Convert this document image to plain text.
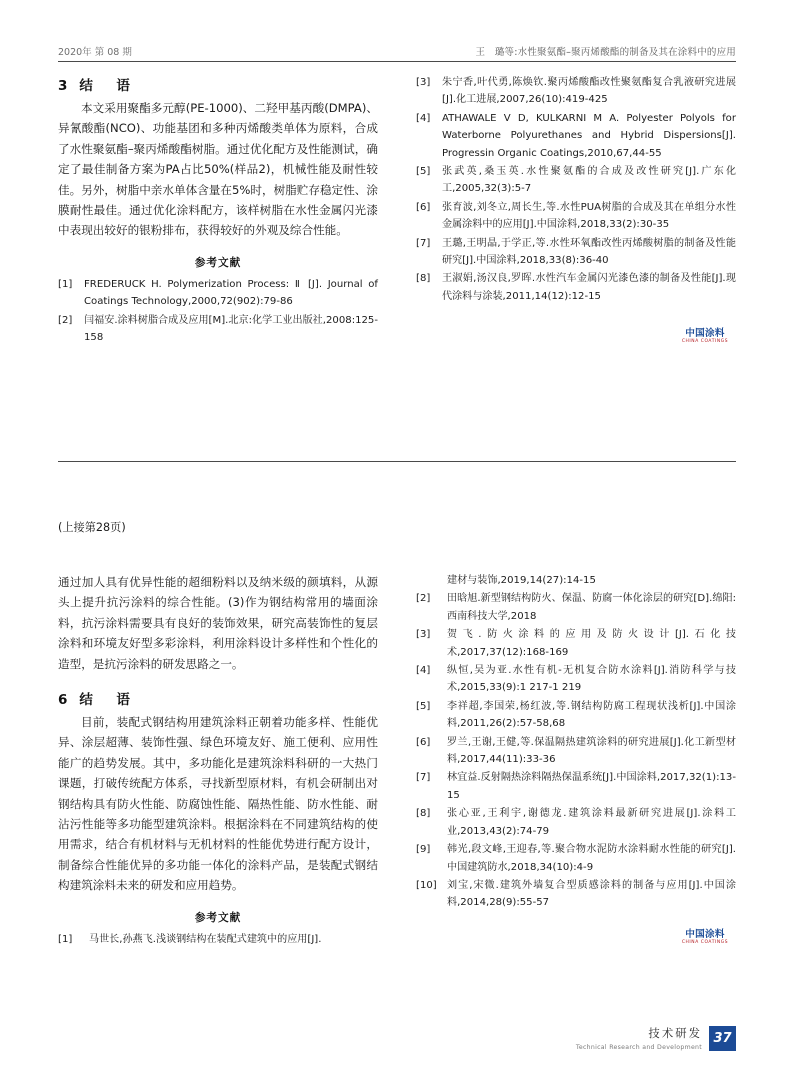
2020年 第 08 期	王　璐等:水性聚氨酯–聚丙烯酸酯的制备及其在涂料中的应用
3 结　语

本文采用聚酯多元醇(PE-1000)、二羟甲基丙酸(DMPA)、异氰酸酯(NCO)、功能基团和多种丙烯酸类单体为原料，合成了水性聚氨酯–聚丙烯酸酯树脂。通过优化配方及性能测试，确定了最佳制备方案为PA占比50%(样品2)，机械性能及耐性较佳。另外，树脂中亲水单体含量在5%时，树脂贮存稳定性、涂膜耐性最佳。通过优化涂料配方，该样树脂在水性金属闪光漆中表现出较好的银粉排布，获得较好的外观及综合性能。

参考文献
[1]	FREDERUCK H. Polymerization Process: Ⅱ [J]. Journal of Coatings Technology,2000,72(902):79-86
[2]	闫福安.涂料树脂合成及应用[M].北京:化学工业出版社,2008:125-158
[3]	朱宁香,叶代勇,陈焕钦.聚丙烯酸酯改性聚氨酯复合乳液研究进展[J].化工进展,2007,26(10):419-425
[4]	ATHAWALE V D, KULKARNI M A. Polyester Polyols for Waterborne Polyurethanes and Hybrid Dispersions[J]. Progressin Organic Coatings,2010,67,44-55
[5]	张武英,桑玉英.水性聚氨酯的合成及改性研究[J].广东化工,2005,32(3):5-7
[6]	张育波,刘冬立,周长生,等.水性PUA树脂的合成及其在单组分水性金属涂料中的应用[J].中国涂料,2018,33(2):30-35
[7]	王璐,王明晶,于学正,等.水性环氧酯改性丙烯酸树脂的制备及性能研究[J].中国涂料,2018,33(8):36-40
[8]	王淑娟,汤汉良,罗晖.水性汽车金属闪光漆色漆的制备及性能[J].现代涂料与涂装,2011,14(12):12-15
中国涂料
CHINA COATINGS
(上接第28页)

通过加人具有优异性能的超细粉料以及纳米级的颜填料，从源头上提升抗污涂料的综合性能。(3)作为钢结构常用的墙面涂料，抗污涂料需要具有良好的装饰效果，研究高装饰性的复层涂料和环境友好型多彩涂料，利用涂料设计多样性和个性化的造型，是抗污涂料的研发思路之一。

6 结　语

目前，装配式钢结构用建筑涂料正朝着功能多样、性能优异、涂层超薄、装饰性强、绿色环境友好、施工便利、应用性能广的趋势发展。其中，多功能化是建筑涂料科研的一大热门课题，打破传统配方体系，寻找新型原材料，有机会研制出对钢结构具有防火性能、防腐蚀性能、隔热性能、防水性能、耐沾污性能等多功能型建筑涂料。根据涂料在不同建筑结构的使用需求，结合有机材料与无机材料的性能优势进行配方设计，制备综合性能优异的多功能一体化的涂料产品，是装配式钢结构建筑涂料未来的研发和应用趋势。

参考文献
[1]	马世长,孙燕飞.浅谈钢结构在装配式建筑中的应用[J].
建材与装饰,2019,14(27):14-15
[2]	田晗旭.新型钢结构防火、保温、防腐一体化涂层的研究[D].绵阳:西南科技大学,2018
[3]	贺飞.防火涂料的应用及防火设计[J].石化技术,2017,37(12):168-169
[4]	纵恒,吴为亚.水性有机-无机复合防水涂料[J].消防科学与技术,2015,33(9):1 217-1 219
[5]	李祥超,李国荣,杨红波,等.钢结构防腐工程现状浅析[J].中国涂料,2011,26(2):57-58,68
[6]	罗兰,王谢,王健,等.保温隔热建筑涂料的研究进展[J].化工新型材料,2017,44(11):33-36
[7]	林宜益.反射隔热涂料隔热保温系统[J].中国涂料,2017,32(1):13-15
[8]	张心亚,王利宇,谢德龙.建筑涂料最新研究进展[J].涂料工业,2013,43(2):74-79
[9]	韩光,段文峰,王迎春,等.聚合物水泥防水涂料耐水性能的研究[J].中国建筑防水,2018,34(10):4-9
[10]	刘宝,宋微.建筑外墙复合型质感涂料的制备与应用[J].中国涂料,2014,28(9):55-57
中国涂料
CHINA COATINGS
技术研发
Technical Research and Development
37
